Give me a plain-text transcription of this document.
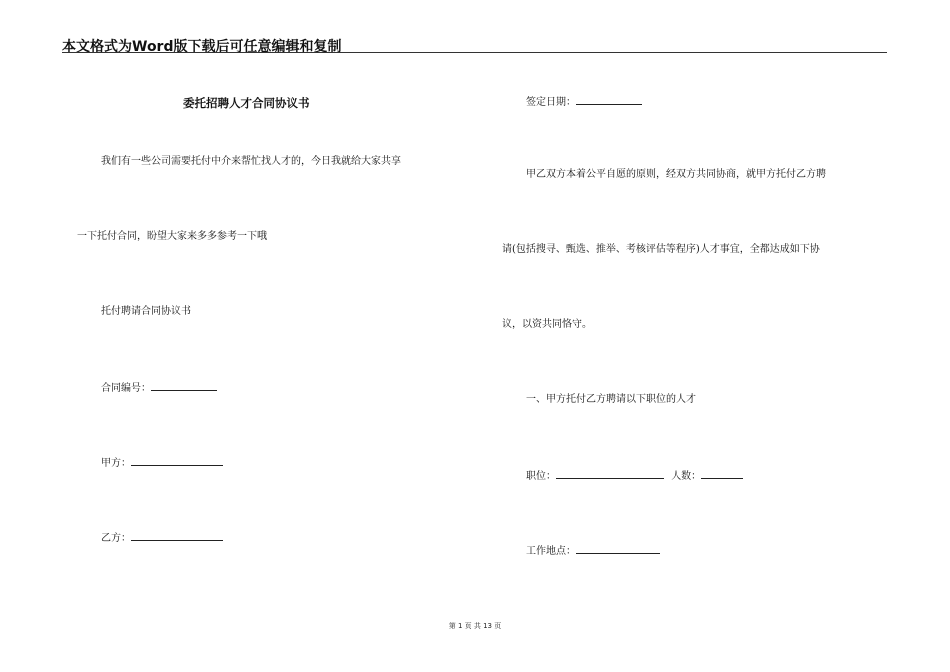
本文格式为Word版下载后可任意编辑和复制
委托招聘人才合同协议书
我们有一些公司需要托付中介来帮忙找人才的，今日我就给大家共享
一下托付合同，盼望大家来多多参考一下哦
托付聘请合同协议书
合同编号：
甲方：
乙方：
签定日期：
甲乙双方本着公平自愿的原则，经双方共同协商，就甲方托付乙方聘
请(包括搜寻、甄选、推举、考核评估等程序)人才事宜，全都达成如下协
议，以资共同恪守。
一、甲方托付乙方聘请以下职位的人才
职位：	人数：
工作地点：
第 1 页 共 13 页
